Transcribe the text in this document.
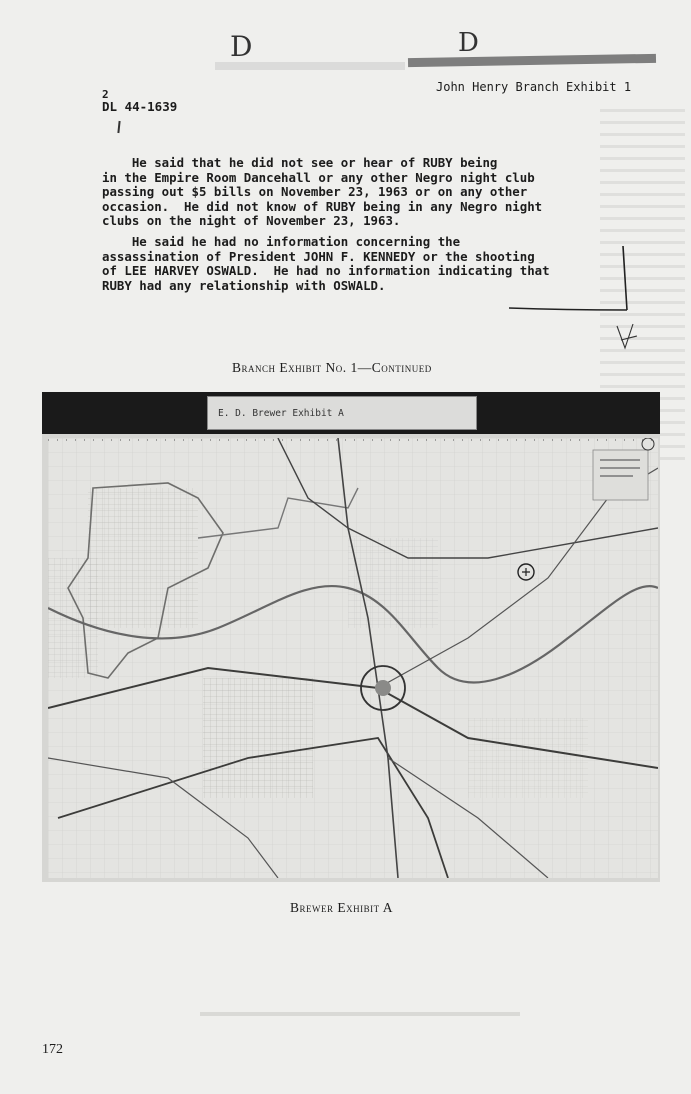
D	D
John Henry Branch Exhibit 1
2
DL 44-1639
He said that he did not see or hear of RUBY being
in the Empire Room Dancehall or any other Negro night club
passing out $5 bills on November 23, 1963 or on any other
occasion.  He did not know of RUBY being in any Negro night
clubs on the night of November 23, 1963.
He said he had no information concerning the
assassination of President JOHN F. KENNEDY or the shooting
of LEE HARVEY OSWALD.  He had no information indicating that
RUBY had any relationship with OSWALD.
Branch Exhibit No. 1—Continued
E. D. Brewer Exhibit A
Brewer Exhibit A
172
